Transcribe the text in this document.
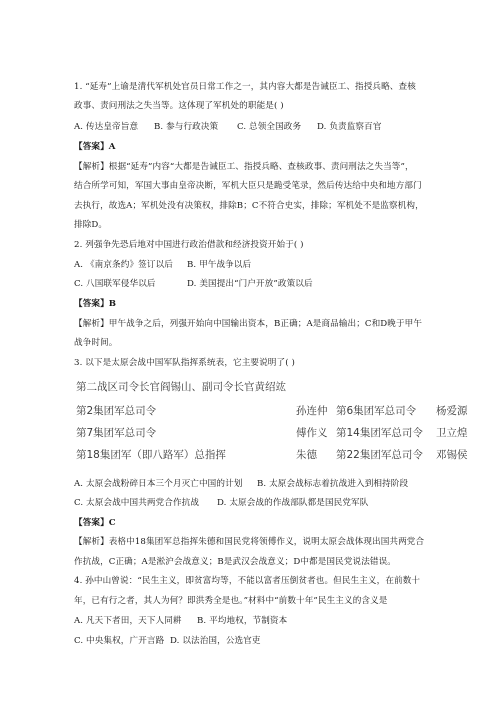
1. “延寿”上谕是清代军机处官员日常工作之一，其内容大都是告诫臣工、指授兵略、查核
政事、责问刑法之失当等。这体现了军机处的职能是( )
A. 传达皇帝旨意 B. 参与行政决策 C. 总领全国政务 D. 负责监察百官
【答案】A
【解析】根据“延寿”内容“大都是告诫臣工、指授兵略、查核政事、责问刑法之失当等”，
结合所学可知，军国大事由皇帝决断，军机大臣只是跪受笔录，然后传达给中央和地方部门
去执行，故选A；军机处没有决策权，排除B；C不符合史实，排除；军机处不是监察机构，
排除D。
2. 列强争先恐后地对中国进行政治借款和经济投资开始于( )
A. 《南京条约》签订以后 B. 甲午战争以后
C. 八国联军侵华以后	D. 美国提出“门户开放”政策以后
【答案】B
【解析】甲午战争之后，列强开始向中国输出资本，B正确；A是商品输出；C和D晚于甲午
战争时间。
3. 以下是太原会战中国军队指挥系统表，它主要说明了( )
第二战区司令长官阎锡山、副司令长官黄绍竑
第2集团军总司令	孙连仲 第6集团军总司令 杨爱源
第7集团军总司令	傅作义 第14集团军总司令 卫立煌
第18集团军（即八路军）总指挥	朱德 第22集团军总司令 邓锡侯
A. 太原会战粉碎日本三个月灭亡中国的计划 B. 太原会战标志着抗战进入到相持阶段
C. 太原会战中国共两党合作抗战 D. 太原会战的作战部队都是国民党军队
【答案】C
【解析】表格中18集团军总指挥朱德和国民党将领傅作义，说明太原会战体现出国共两党合
作抗战，C正确；A是淞沪会战意义；B是武汉会战意义；D中都是国民党说法错误。
4. 孙中山曾说：“民生主义，即贫富均等，不能以富者压倒贫者也。但民生主义，在前数十
年，已有行之者，其人为何？即洪秀全是也。”材料中“前数十年”民生主义的含义是
A. 凡天下者田，天下人同耕 B. 平均地权，节制资本
C. 中央集权，广开言路 D. 以法治国，公选官吏
